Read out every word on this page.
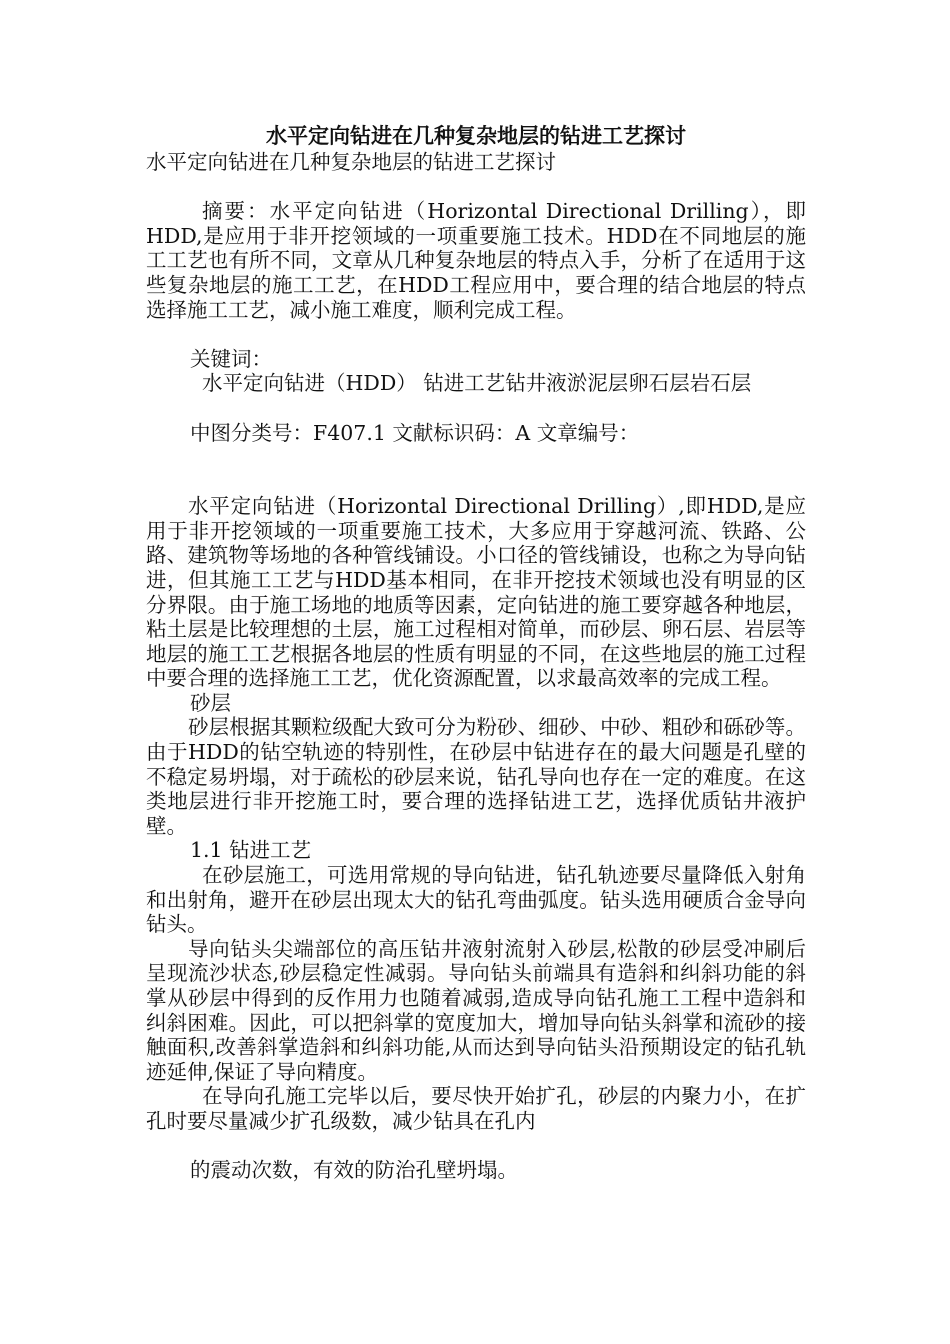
水平定向钻进在几种复杂地层的钻进工艺探讨

水平定向钻进在几种复杂地层的钻进工艺探讨

摘要：水平定向钻进（Horizontal Directional Drilling），即HDD,是应用于非开挖领域的一项重要施工技术。HDD在不同地层的施工工艺也有所不同，文章从几种复杂地层的特点入手，分析了在适用于这些复杂地层的施工工艺，在HDD工程应用中，要合理的结合地层的特点选择施工工艺，减小施工难度，顺利完成工程。

关键词：

水平定向钻进（HDD） 钻进工艺钻井液淤泥层卵石层岩石层

中图分类号：F407.1 文献标识码：A 文章编号：

水平定向钻进（Horizontal Directional Drilling）,即HDD,是应用于非开挖领域的一项重要施工技术，大多应用于穿越河流、铁路、公路、建筑物等场地的各种管线铺设。小口径的管线铺设，也称之为导向钻进，但其施工工艺与HDD基本相同，在非开挖技术领域也没有明显的区分界限。由于施工场地的地质等因素，定向钻进的施工要穿越各种地层，粘土层是比较理想的土层，施工过程相对简单，而砂层、卵石层、岩层等地层的施工工艺根据各地层的性质有明显的不同，在这些地层的施工过程中要合理的选择施工工艺，优化资源配置，以求最高效率的完成工程。

砂层

砂层根据其颗粒级配大致可分为粉砂、细砂、中砂、粗砂和砾砂等。由于HDD的钻空轨迹的特别性，在砂层中钻进存在的最大问题是孔壁的不稳定易坍塌，对于疏松的砂层来说，钻孔导向也存在一定的难度。在这类地层进行非开挖施工时，要合理的选择钻进工艺，选择优质钻井液护壁。

1.1 钻进工艺

在砂层施工，可选用常规的导向钻进，钻孔轨迹要尽量降低入射角和出射角，避开在砂层出现太大的钻孔弯曲弧度。钻头选用硬质合金导向钻头。

导向钻头尖端部位的高压钻井液射流射入砂层,松散的砂层受冲刷后呈现流沙状态,砂层稳定性减弱。导向钻头前端具有造斜和纠斜功能的斜掌从砂层中得到的反作用力也随着减弱,造成导向钻孔施工工程中造斜和纠斜困难。因此，可以把斜掌的宽度加大，增加导向钻头斜掌和流砂的接触面积,改善斜掌造斜和纠斜功能,从而达到导向钻头沿预期设定的钻孔轨迹延伸,保证了导向精度。

在导向孔施工完毕以后，要尽快开始扩孔，砂层的内聚力小，在扩孔时要尽量减少扩孔级数，减少钻具在孔内

的震动次数，有效的防治孔壁坍塌。
